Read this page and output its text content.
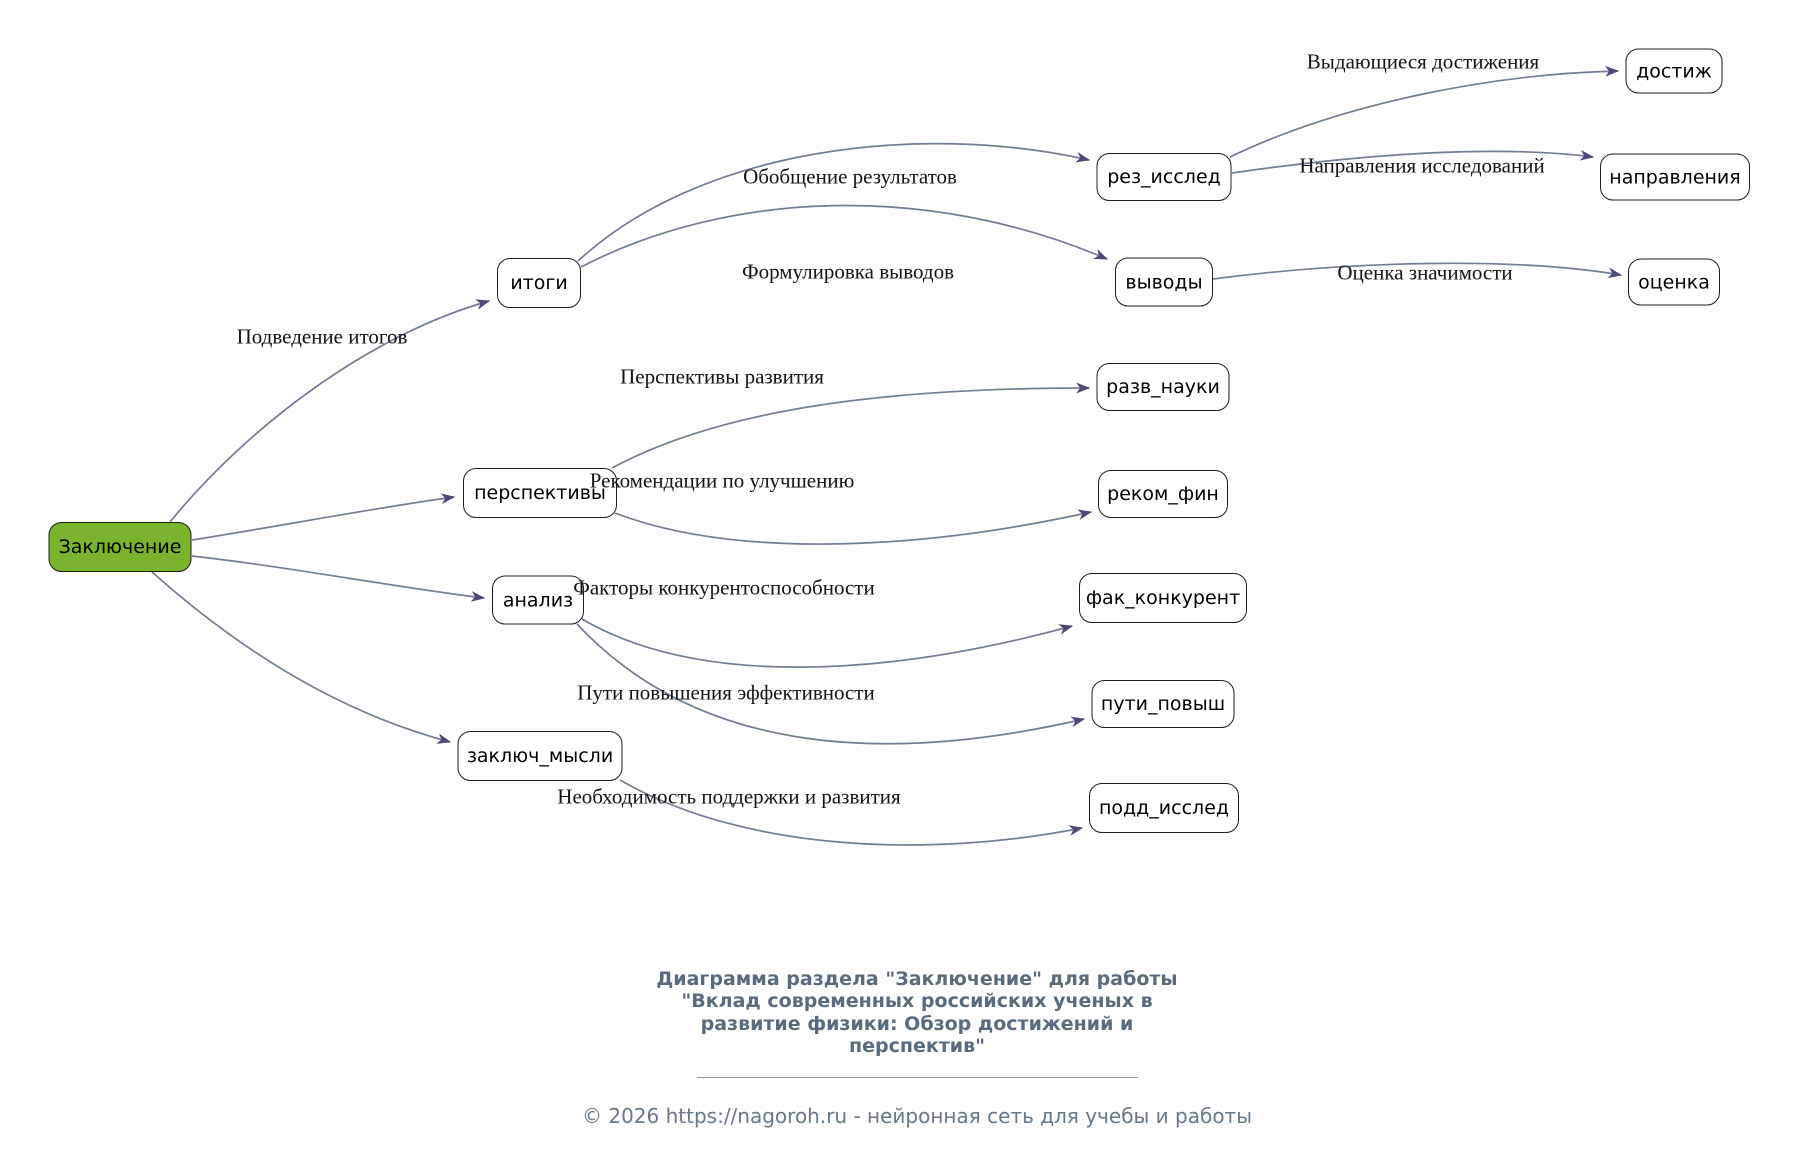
Заключение
итоги
перспективы
анализ
заключ_мысли
рез_исслед
выводы
разв_науки
реком_фин
фак_конкурент
пути_повыш
подд_исслед
достиж
направления
оценка
Подведение итогов
Обобщение результатов
Формулировка выводов
Перспективы развития
Рекомендации по улучшению
Факторы конкурентоспособности
Пути повышения эффективности
Необходимость поддержки и развития
Выдающиеся достижения
Направления исследований
Оценка значимости
Диаграмма раздела "Заключение" для работы
"Вклад современных российских ученых в
развитие физики: Обзор достижений и
перспектив"
© 2026 https://nagoroh.ru - нейронная сеть для учебы и работы
